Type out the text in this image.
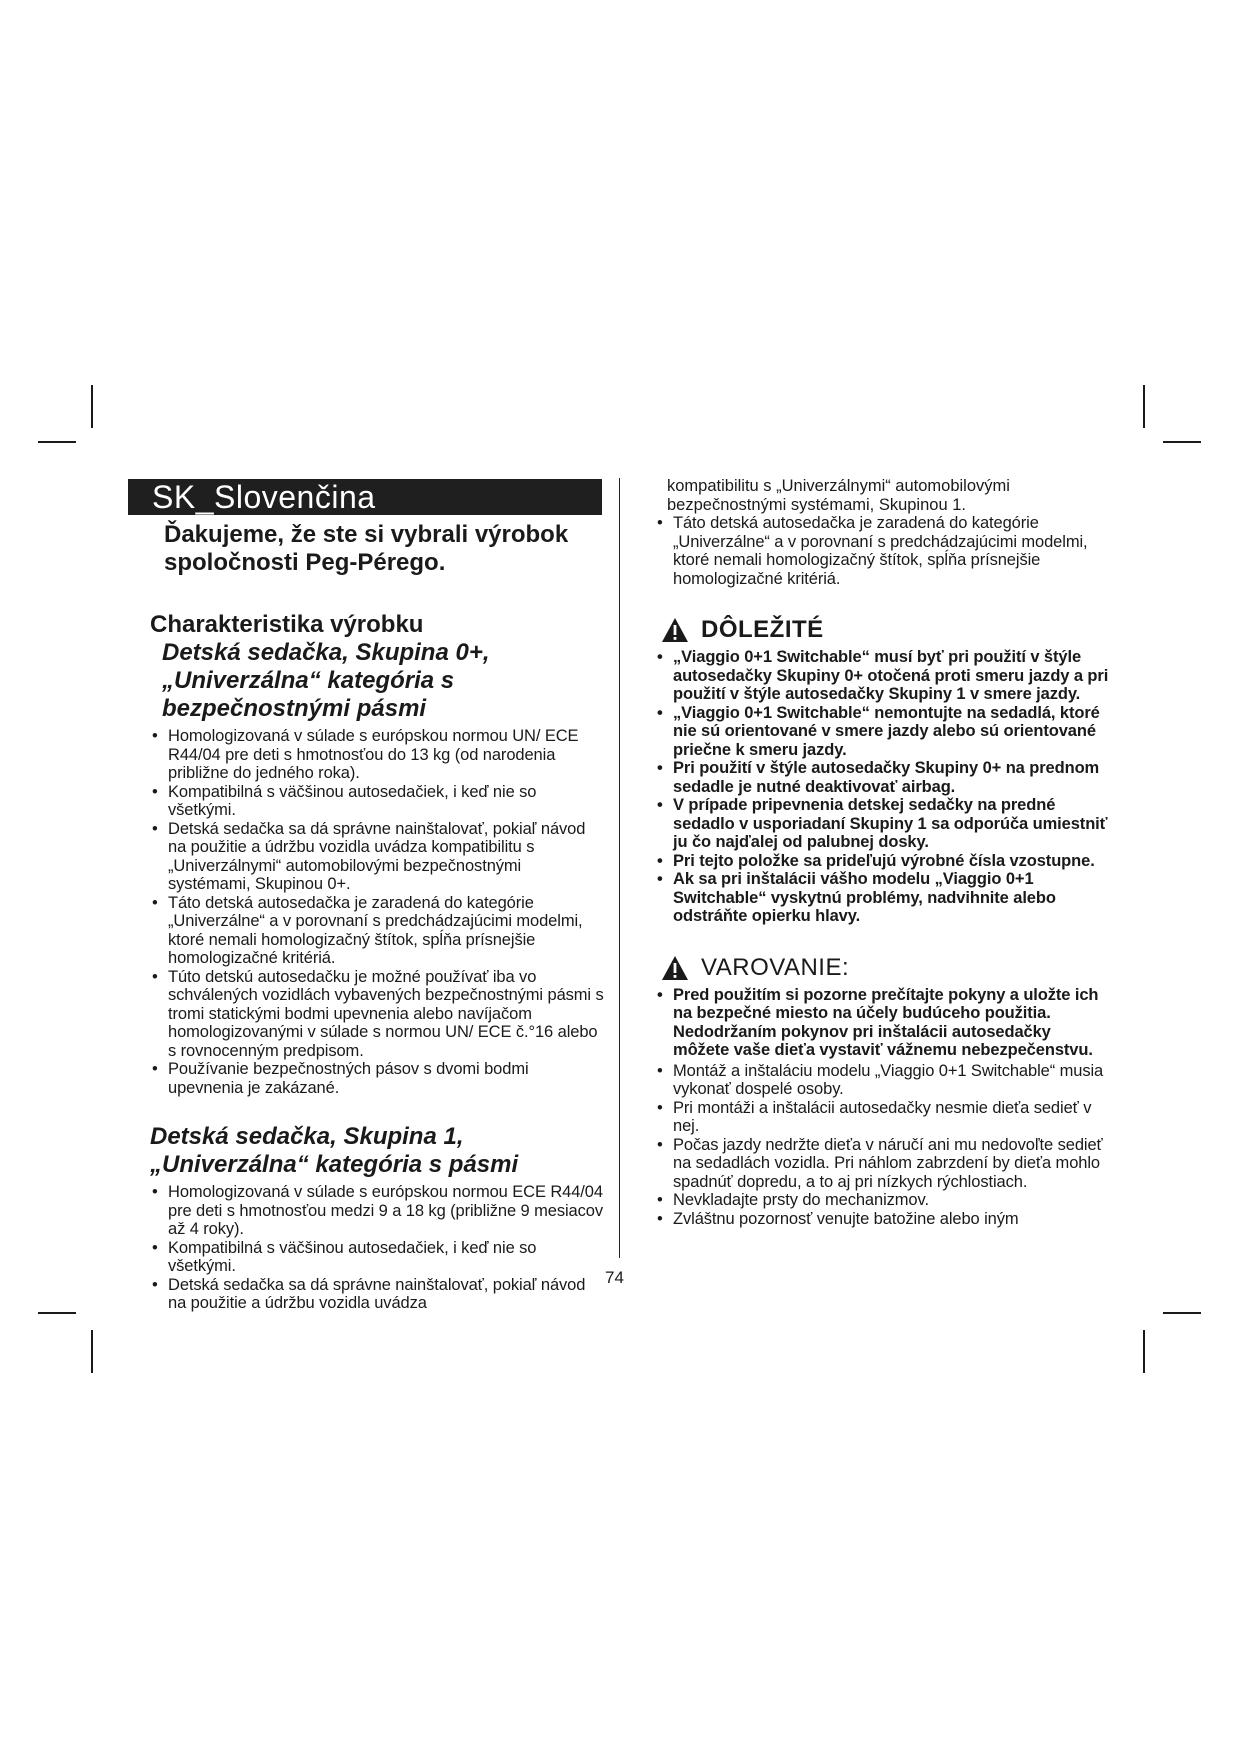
SK_Slovenčina
Ďakujeme, že ste si vybrali výrobok spoločnosti Peg-Pérego.
Charakteristika výrobku
Detská sedačka, Skupina 0+, „Univerzálna“ kategória s bezpečnostnými pásmi
• Homologizovaná v súlade s európskou normou UN/ ECE R44/04 pre deti s hmotnosťou do 13 kg (od narodenia približne do jedného roka).
• Kompatibilná s väčšinou autosedačiek, i keď nie so všetkými.
• Detská sedačka sa dá správne nainštalovať, pokiaľ návod na použitie a údržbu vozidla uvádza kompatibilitu s „Univerzálnymi“ automobilovými bezpečnostnými systémami, Skupinou 0+.
• Táto detská autosedačka je zaradená do kategórie „Univerzálne“ a v porovnaní s predchádzajúcimi modelmi, ktoré nemali homologizačný štítok, spĺňa prísnejšie homologizačné kritériá.
• Túto detskú autosedačku je možné používať iba vo schválených vozidlách vybavených bezpečnostnými pásmi s tromi statickými bodmi upevnenia alebo navíjačom homologizovanými v súlade s normou UN/ ECE č.°16 alebo s rovnocenným predpisom.
• Používanie bezpečnostných pásov s dvomi bodmi upevnenia je zakázané.
Detská sedačka, Skupina 1, „Univerzálna“ kategória s pásmi
• Homologizovaná v súlade s európskou normou ECE R44/04 pre deti s hmotnosťou medzi 9 a 18 kg (približne 9 mesiacov až 4 roky).
• Kompatibilná s väčšinou autosedačiek, i keď nie so všetkými.
• Detská sedačka sa dá správne nainštalovať, pokiaľ návod na použitie a údržbu vozidla uvádza
kompatibilitu s „Univerzálnymi“ automobilovými bezpečnostnými systémami, Skupinou 1.
• Táto detská autosedačka je zaradená do kategórie „Univerzálne“ a v porovnaní s predchádzajúcimi modelmi, ktoré nemali homologizačný štítok, spĺňa prísnejšie homologizačné kritériá.
DÔLEŽITÉ
• „Viaggio 0+1 Switchable“ musí byť pri použití v štýle autosedačky Skupiny 0+ otočená proti smeru jazdy a pri použití v štýle autosedačky Skupiny 1 v smere jazdy.
• „Viaggio 0+1 Switchable“ nemontujte na sedadlá, ktoré nie sú orientované v smere jazdy alebo sú orientované priečne k smeru jazdy.
• Pri použití v štýle autosedačky Skupiny 0+ na prednom sedadle je nutné deaktivovať airbag.
• V prípade pripevnenia detskej sedačky na predné sedadlo v usporiadaní Skupiny 1 sa odporúča umiestniť ju čo najďalej od palubnej dosky.
• Pri tejto položke sa prideľujú výrobné čísla vzostupne.
• Ak sa pri inštalácii vášho modelu „Viaggio 0+1 Switchable“ vyskytnú problémy, nadvihnite alebo odstráňte opierku hlavy.
VAROVANIE:
• Pred použitím si pozorne prečítajte pokyny a uložte ich na bezpečné miesto na účely budúceho použitia. Nedodržaním pokynov pri inštalácii autosedačky môžete vaše dieťa vystaviť vážnemu nebezpečenstvu.
• Montáž a inštaláciu modelu „Viaggio 0+1 Switchable“ musia vykonať dospelé osoby.
• Pri montáži a inštalácii autosedačky nesmie dieťa sedieť v nej.
• Počas jazdy nedržte dieťa v náručí ani mu nedovoľte sedieť na sedadlách vozidla. Pri náhlom zabrzdení by dieťa mohlo spadnúť dopredu, a to aj pri nízkych rýchlostiach.
• Nevkladajte prsty do mechanizmov.
• Zvláštnu pozornosť venujte batožine alebo iným
74
